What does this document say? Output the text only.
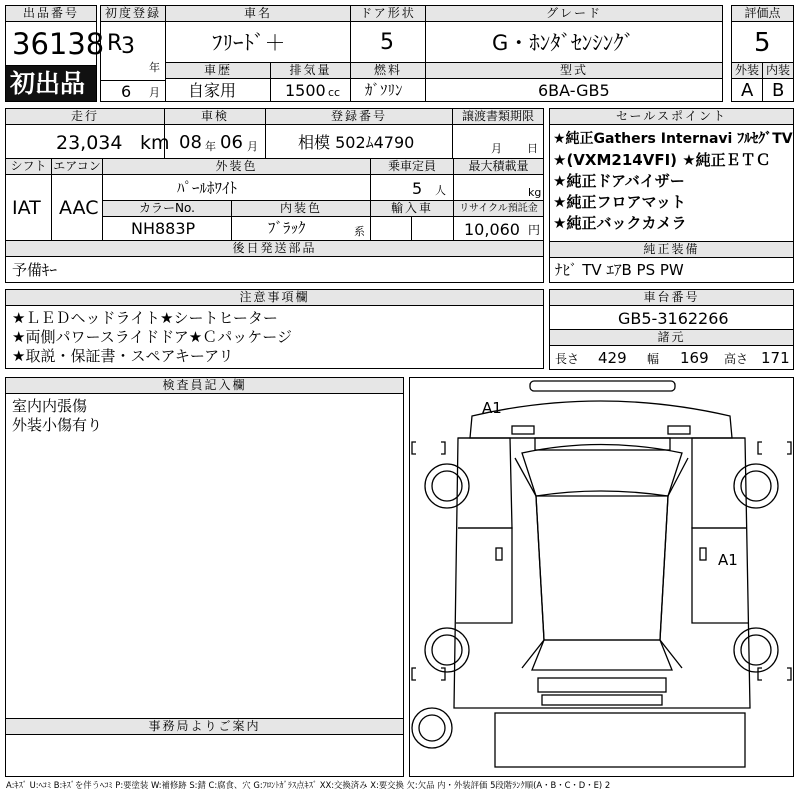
出品番号
36138
初出品
初度登録
R
3
年
6 月
車名
ﾌﾘｰﾄﾞ＋
車歴
自家用
排気量
1500 cc
ドア形状
5
燃料
ｶﾞｿﾘﾝ
グレード
G・ﾎﾝﾀﾞｾﾝｼﾝｸﾞ
型式
6BA-GB5
評価点
5
外装 内装
A B
走行
23,034 km
車検
08 年 06 月
登録番号
相模 502ﾑ4790
譲渡書類期限
月 日
シフト エアコン
IAT AAC
外装色
ﾊﾟｰﾙﾎﾜｲﾄ
乗車定員
5 人
最大積載量
kg
カラーNo.
NH883P
内装色
ﾌﾞﾗｯｸ	系
輸入車	リサイクル預託金
10,060 円
後日発送部品
予備ｷｰ
セールスポイント
★純正Gathers Internavi ﾌﾙｾｸﾞTV
★(VXM214VFI) ★純正ＥＴＣ
★純正ドアバイザー
★純正フロアマット
★純正バックカメラ
純正装備
ﾅﾋﾞ TV ｴｱB PS PW
注意事項欄
★ＬＥＤヘッドライト★シートヒーター
★両側パワースライドドア★Ｃパッケージ
★取説・保証書・スペアキーアリ
車台番号
GB5-3162266
諸元
長さ 429 幅 169 高さ 171
検査員記入欄
室内内張傷
外装小傷有り
事務局よりご案内
A1
A1
A:ｷｽﾞ U:ﾍｺﾐ B:ｷｽﾞを伴うﾍｺﾐ P:要塗装 W:補修跡 S:錆 C:腐食、穴 G:ﾌﾛﾝﾄｶﾞﾗｽ点ｷｽﾞ XX:交換済み X:要交換 欠:欠品 内・外装評価 5段階ﾗﾝｸ順(A・B・C・D・E) 2
